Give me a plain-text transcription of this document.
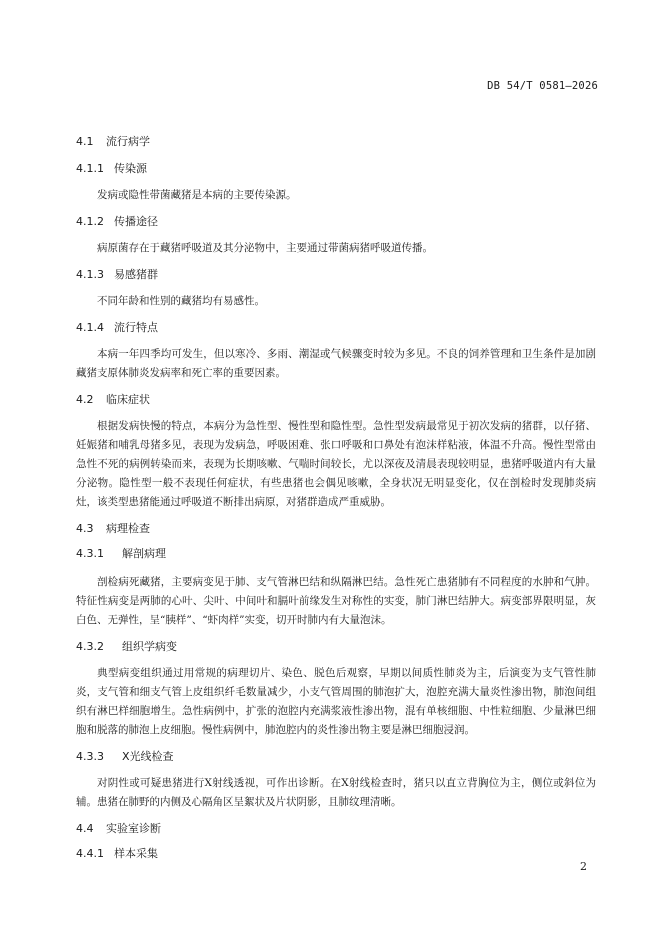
DB 54/T 0581—2026
4.1 流行病学
4.1.1 传染源

发病或隐性带菌藏猪是本病的主要传染源。

4.1.2 传播途径

病原菌存在于藏猪呼吸道及其分泌物中，主要通过带菌病猪呼吸道传播。

4.1.3 易感猪群

不同年龄和性别的藏猪均有易感性。

4.1.4 流行特点

本病一年四季均可发生，但以寒冷、多雨、潮湿或气候骤变时较为多见。不良的饲养管理和卫生条件是加剧藏猪支原体肺炎发病率和死亡率的重要因素。

4.2 临床症状

根据发病快慢的特点，本病分为急性型、慢性型和隐性型。急性型发病最常见于初次发病的猪群，以仔猪、妊娠猪和哺乳母猪多见，表现为发病急，呼吸困难、张口呼吸和口鼻处有泡沫样粘液，体温不升高。慢性型常由急性不死的病例转染而来，表现为长期咳嗽、气喘时间较长，尤以深夜及清晨表现较明显，患猪呼吸道内有大量分泌物。隐性型一般不表现任何症状，有些患猪也会偶见咳嗽，全身状况无明显变化，仅在剖检时发现肺炎病灶，该类型患猪能通过呼吸道不断排出病原，对猪群造成严重威胁。

4.3 病理检查
4.3.1 解剖病理

剖检病死藏猪，主要病变见于肺、支气管淋巴结和纵隔淋巴结。急性死亡患猪肺有不同程度的水肿和气肿。特征性病变是两肺的心叶、尖叶、中间叶和膈叶前缘发生对称性的实变，肺门淋巴结肿大。病变部界限明显，灰白色、无弹性，呈“胰样”、“虾肉样”实变，切开时肺内有大量泡沫。

4.3.2 组织学病变

典型病变组织通过用常规的病理切片、染色、脱色后观察，早期以间质性肺炎为主，后演变为支气管性肺炎，支气管和细支气管上皮组织纤毛数量减少，小支气管周围的肺泡扩大，泡腔充满大量炎性渗出物，肺泡间组织有淋巴样细胞增生。急性病例中，扩张的泡腔内充满浆液性渗出物，混有单核细胞、中性粒细胞、少量淋巴细胞和脱落的肺泡上皮细胞。慢性病例中，肺泡腔内的炎性渗出物主要是淋巴细胞浸润。

4.3.3 X光线检查

对阴性或可疑患猪进行X射线透视，可作出诊断。在X射线检查时，猪只以直立背胸位为主，侧位或斜位为辅。患猪在肺野的内侧及心隔角区呈絮状及片状阴影，且肺纹理清晰。

4.4 实验室诊断
4.4.1 样本采集
2
